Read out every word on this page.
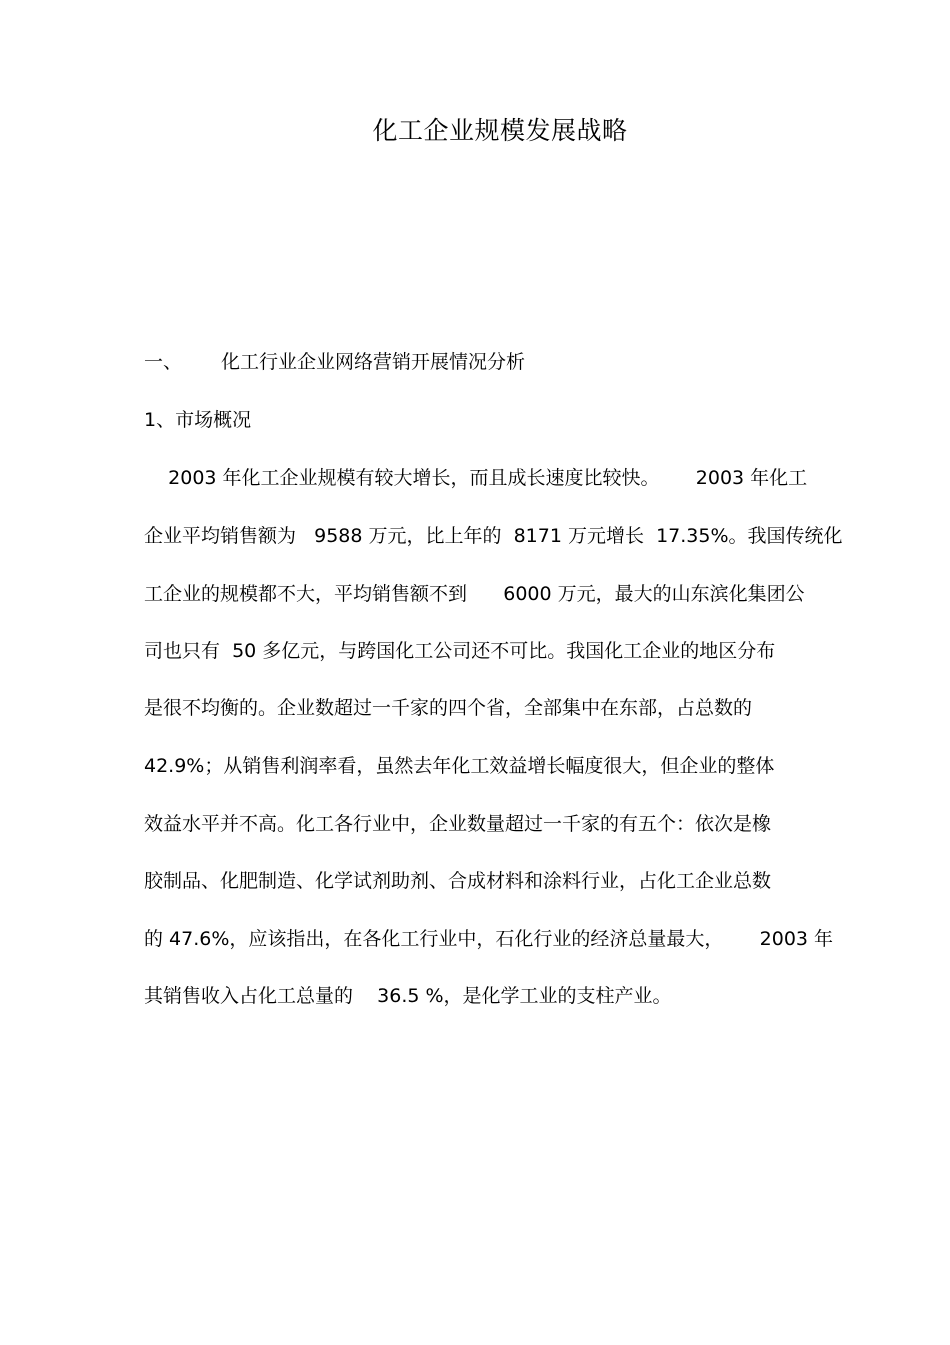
化工企业规模发展战略
一、 化工行业企业网络营销开展情况分析
1、市场概况
2003 年化工企业规模有较大增长，而且成长速度比较快。      2003 年化工
企业平均销售额为   9588 万元，比上年的  8171 万元增长  17.35%。我国传统化
工企业的规模都不大，平均销售额不到      6000 万元，最大的山东滨化集团公
司也只有  50 多亿元，与跨国化工公司还不可比。我国化工企业的地区分布
是很不均衡的。企业数超过一千家的四个省，全部集中在东部，占总数的
42.9%；从销售利润率看，虽然去年化工效益增长幅度很大，但企业的整体
效益水平并不高。化工各行业中，企业数量超过一千家的有五个：依次是橡
胶制品、化肥制造、化学试剂助剂、合成材料和涂料行业，占化工企业总数
的 47.6%，应该指出，在各化工行业中，石化行业的经济总量最大，      2003 年
其销售收入占化工总量的    36.5 %，是化学工业的支柱产业。
